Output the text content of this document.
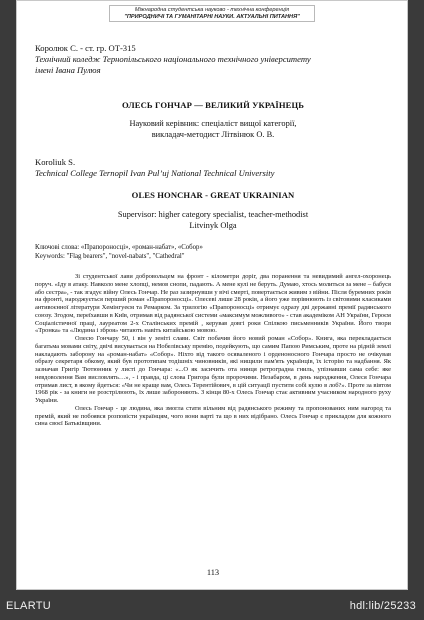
Міжнародна студентська науково - технічна конференція
"ПРИРОДНИЧІ ТА ГУМАНІТАРНІ НАУКИ. АКТУАЛЬНІ ПИТАННЯ"
Королюк С. - ст. гр. ОТ-315
Технічний коледж Тернопільського національного технічного університету
імені Івана Пулюя
ОЛЕСЬ ГОНЧАР — ВЕЛИКИЙ УКРАЇНЕЦЬ
Науковий керівник: спеціаліст вищої категорії,
викладач-методист Літвінюк О. В.
Koroliuk S.
Technical College Ternopil Ivan Pul’uj National Technical University
OLES HONCHAR - GREAT UKRAINIAN
Supervisor: higher category specialist, teacher-methodist
Litvinyk Olga
Ключові слова: «Прапороносці», «роман-набат», «Собор»
Keywords: "Flag bearers", "novel-nabats", "Cathedral"

Зі студентської лави добровольцем на фронт - кілометри доріг, два поранення та невидимий ангел-охоронець поруч. «Іду в атаку. Навколо мене хлопці, немов снопи, падають. А мене кулі не беруть. Думаю, хтось молиться за мене – бабуся або сестра», - так згадує війну Олесь Гончар. Не раз зазирнувши у вічі смерті, повертається живим з війни. Після буремних років на фронті, народжується перший роман «Прапороносці». Олесеві лише 28 років, а його уже порівнюють із світовими класиками антивоєнної літератури Хемінгуеєм та Ремарком. За трилогію «Прапороносці» отримує одразу дві державні премії радянського союзу. Згодом, переїхавши в Київ, отримав від радянської системи «максимум можливого» - став академіком АН України, Героєм Соціалістичної праці, лауреатом 2-х Сталінських премій , керував довгі роки Спілкою письменників України. Його твори «Тронка» та «Людина і зброя» читають навіть китайською мовою.

Олесю Гончару 50, і він у зеніті слави. Світ побачив його новий роман «Собор». Книга, яка перекладається багатьма мовами світу, двічі висувається на Нобелівську премію, подейкують, що самим Папою Римським, проте на рідній землі накладають заборону на «роман-набат» «Собор». Ніхто від такого осяваленого і орденоносного Гончара просто не очікував образу секретаря обкому, який був прототипам тодішніх чиновників, які нищили пам'ять українців, їх історію та надбання. Як зазначав Григір Тютюнник у листі до Гончара: «...О як засичить ота нинця ретроградна гниль, упізнавши сама себе: яке невдоволення Вам висловлять…», - і правда, ці слова Григора були пророчими. Незабаром, в день народження, Олеся Гончара отримав лист, в якому йдеться: «Чи не краще вам, Олесь Терентійович, в цій ситуації пустити собі кулю в лоб?». Проте за вівтом 1968 рік - за книги не розстрілюють, їх лише забороняють. З кінця 80-х Олесь Гончар стає активним учасником народного руху України.

Олесь Гончар - це людина, яка змогла стати вільним від радянського режиму та пропонованих ним нагород та премій, який не побоявся розповісти українцям, чого вони варті та що в них відібрано. Олесь Гончар є прикладом для кожного сина своєї Батьківщини.

113
ELARTU	hdl:lib/25233
